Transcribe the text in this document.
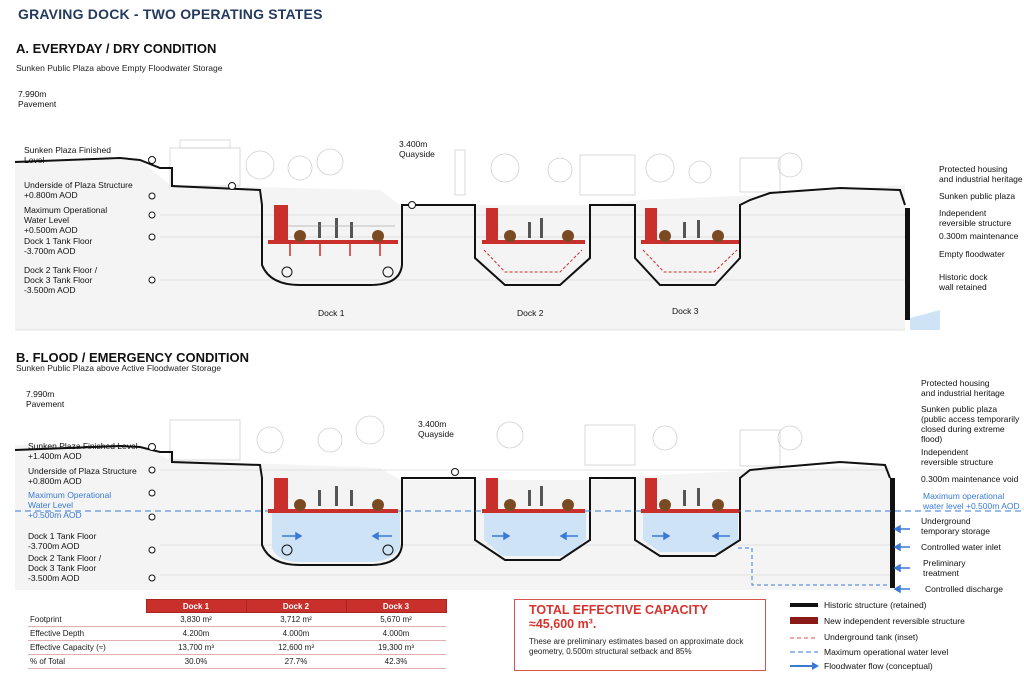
GRAVING DOCK - TWO OPERATING STATES
A. EVERYDAY / DRY CONDITION
Sunken Public Plaza above Empty Floodwater Storage
B. FLOOD / EMERGENCY CONDITION
Sunken Public Plaza above Active Floodwater Storage
7.990m
Pavement
3.400m
Quayside
Sunken Plaza Finished
Level
Underside of Plaza Structure
+0.800m AOD
Maximum Operational
Water Level
+0.500m AOD
Dock 1 Tank Floor
-3.700m AOD
Dock 2 Tank Floor /
Dock 3 Tank Floor
-3.500m AOD
Protected housing
and industrial heritage
Sunken public plaza
Independent
reversible structure
0.300m maintenance
Empty floodwater
Historic dock
wall retained
Dock 1	Dock 2	Dock 3
7.990m
Pavement
3.400m
Quayside
Sunken Plaza Finished Level
+1.400m AOD
Underside of Plaza Structure
+0.800m AOD
Maximum Operational
Water Level
+0.500m AOD
Dock 1 Tank Floor
-3.700m AOD
Dock 2 Tank Floor /
Dock 3 Tank Floor
-3.500m AOD
Protected housing
and industrial heritage
Sunken public plaza
(public access temporarily
closed during extreme
flood)
Independent
reversible structure
0.300m maintenance void
Maximum operational
water level +0.500m AOD
Underground
temporary storage
Controlled water inlet
Preliminary
treatment
Controlled discharge
	Dock 1	Dock 2	Dock 3
Footprint	3,830 m²	3,712 m²	5,670 m²
Effective Depth	4.200m	4.000m	4.000m
Effective Capacity (≈)	13,700 m³	12,600 m³	19,300 m³
% of Total	30.0%	27.7%	42.3%
TOTAL EFFECTIVE CAPACITY
≈45,600 m³.
These are preliminary estimates based on approximate dock geometry, 0.500m structural setback and 85%
Historic structure (retained)
New independent reversible structure
Underground tank (inset)
Maximum operational water level
Floodwater flow (conceptual)
